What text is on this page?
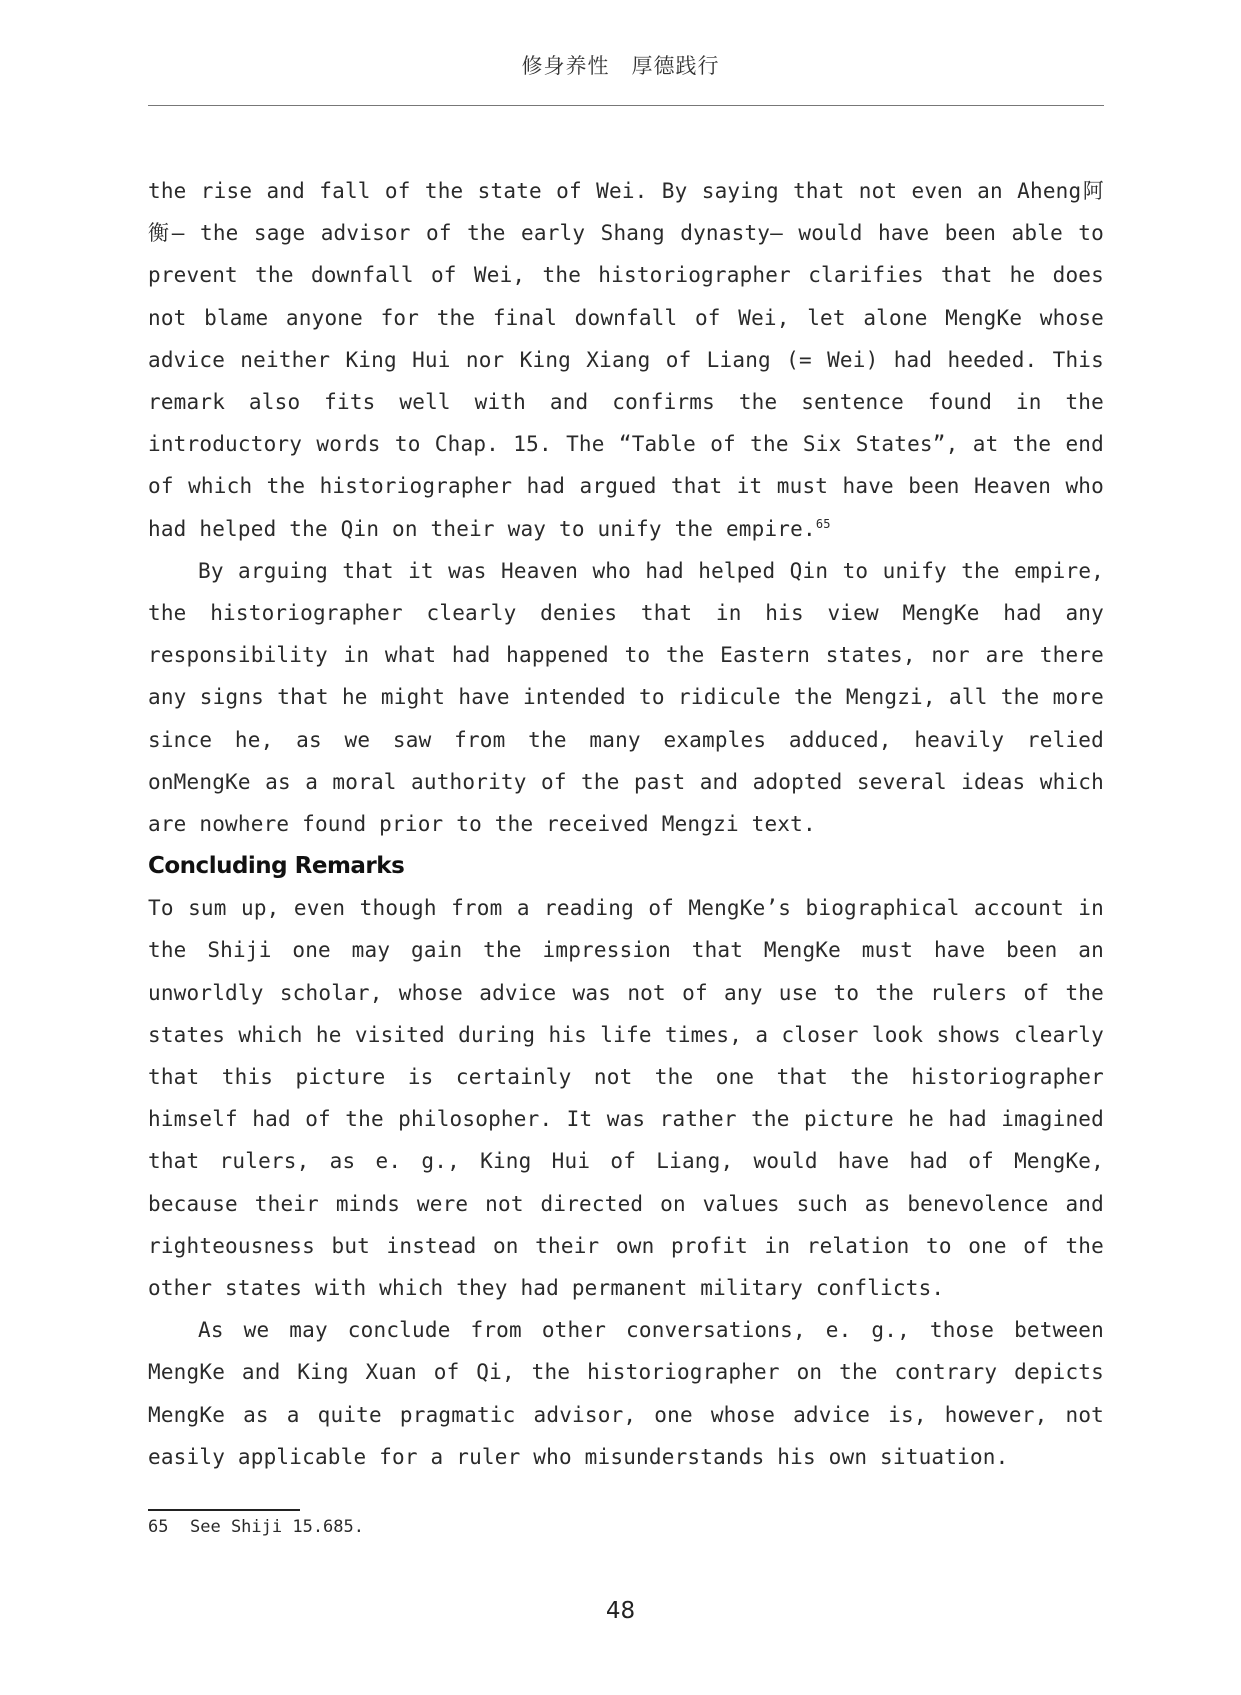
修身养性　厚德践行

the rise and fall of the state of Wei. By saying that not even an Aheng阿衡– the sage advisor of the early Shang dynasty– would have been able to prevent the downfall of Wei, the historiographer clarifies that he does not blame anyone for the final downfall of Wei, let alone MengKe whose advice neither King Hui nor King Xiang of Liang (= Wei) had heeded. This remark also fits well with and confirms the sentence found in the introductory words to Chap. 15. The “Table of the Six States”, at the end of which the historiographer had argued that it must have been Heaven who had helped the Qin on their way to unify the empire.$^{65}$

By arguing that it was Heaven who had helped Qin to unify the empire, the historiographer clearly denies that in his view MengKe had any responsibility in what had happened to the Eastern states, nor are there any signs that he might have intended to ridicule the Mengzi, all the more since he, as we saw from the many examples adduced, heavily relied onMengKe as a moral authority of the past and adopted several ideas which are nowhere found prior to the received Mengzi text.

Concluding Remarks

To sum up, even though from a reading of MengKe’s biographical account in the Shiji one may gain the impression that MengKe must have been an unworldly scholar, whose advice was not of any use to the rulers of the states which he visited during his life times, a closer look shows clearly that this picture is certainly not the one that the historiographer himself had of the philosopher. It was rather the picture he had imagined that rulers, as e. g., King Hui of Liang, would have had of MengKe, because their minds were not directed on values such as benevolence and righteousness but instead on their own profit in relation to one of the other states with which they had permanent military conflicts.

As we may conclude from other conversations, e. g., those between MengKe and King Xuan of Qi, the historiographer on the contrary depicts MengKe as a quite pragmatic advisor, one whose advice is, however, not easily applicable for a ruler who misunderstands his own situation.

65 See Shiji 15.685.
48
